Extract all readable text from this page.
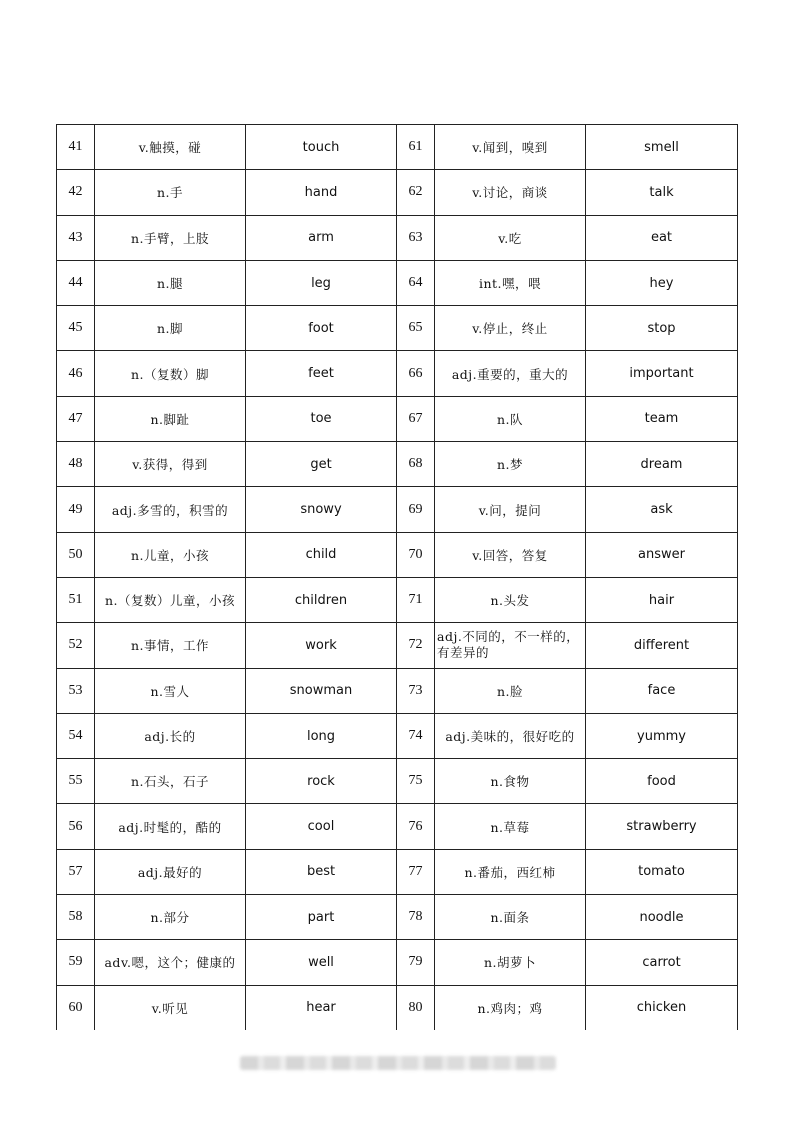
41	v.触摸，碰	touch	61	v.闻到，嗅到	smell
42	n.手	hand	62	v.讨论，商谈	talk
43	n.手臂，上肢	arm	63	v.吃	eat
44	n.腿	leg	64	int.嘿，喂	hey
45	n.脚	foot	65	v.停止，终止	stop
46	n.（复数）脚	feet	66	adj.重要的，重大的	important
47	n.脚趾	toe	67	n.队	team
48	v.获得，得到	get	68	n.梦	dream
49	adj.多雪的，积雪的	snowy	69	v.问，提问	ask
50	n.儿童，小孩	child	70	v.回答，答复	answer
51	n.（复数）儿童，小孩	children	71	n.头发	hair
52	n.事情，工作	work	72	adj.不同的，不一样的，有差异的	different
53	n.雪人	snowman	73	n.脸	face
54	adj.长的	long	74	adj.美味的，很好吃的	yummy
55	n.石头，石子	rock	75	n.食物	food
56	adj.时髦的，酷的	cool	76	n.草莓	strawberry
57	adj.最好的	best	77	n.番茄，西红柿	tomato
58	n.部分	part	78	n.面条	noodle
59	adv.嗯，这个；健康的	well	79	n.胡萝卜	carrot
60	v.听见	hear	80	n.鸡肉；鸡	chicken
